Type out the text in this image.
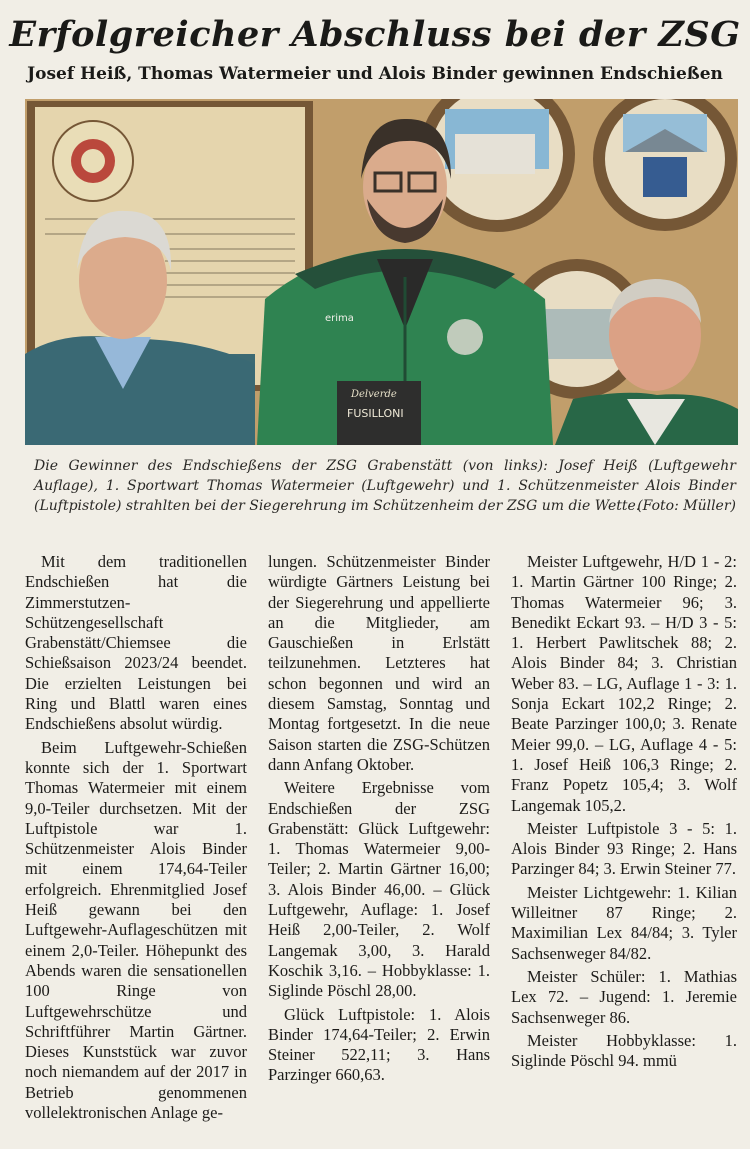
Erfolgreicher Abschluss bei der ZSG
Josef Heiß, Thomas Watermeier und Alois Binder gewinnen Endschießen
erima
Delverde
FUSILLONI
Die Gewinner des Endschießens der ZSG Grabenstätt (von links): Josef Heiß (Luftgewehr Auflage), 1. Sportwart Thomas Watermeier (Luftgewehr) und 1. Schützenmeister Alois Binder (Luftpistole) strahlten bei der Siegerehrung im Schützenheim der ZSG um die Wette.
(Foto: Müller)

Mit dem traditionellen Endschießen hat die Zimmerstutzen-Schützengesellschaft Grabenstätt/Chiemsee die Schießsaison 2023/24 beendet. Die erzielten Leistungen bei Ring und Blattl waren eines Endschießens absolut würdig.

Beim Luftgewehr-Schießen konnte sich der 1. Sportwart Thomas Watermeier mit einem 9,0-Teiler durchsetzen. Mit der Luftpistole war 1. Schützenmeister Alois Binder mit einem 174,64-Teiler erfolgreich. Ehrenmitglied Josef Heiß gewann bei den Luftgewehr-Auflageschützen mit einem 2,0-Teiler. Höhepunkt des Abends waren die sensationellen 100 Ringe von Luftgewehrschütze und Schriftführer Martin Gärtner. Dieses Kunststück war zuvor noch niemandem auf der 2017 in Betrieb genommenen vollelektronischen Anlage ge-

lungen. Schützenmeister Binder würdigte Gärtners Leistung bei der Siegerehrung und appellierte an die Mitglieder, am Gauschießen in Erlstätt teilzunehmen. Letzteres hat schon begonnen und wird an diesem Samstag, Sonntag und Montag fortgesetzt. In die neue Saison starten die ZSG-Schützen dann Anfang Oktober.

Weitere Ergebnisse vom Endschießen der ZSG Grabenstätt: Glück Luftgewehr: 1. Thomas Watermeier 9,00-Teiler; 2. Martin Gärtner 16,00; 3. Alois Binder 46,00. – Glück Luftgewehr, Auflage: 1. Josef Heiß 2,00-Teiler, 2. Wolf Langemak 3,00, 3. Harald Koschik 3,16. – Hobbyklasse: 1. Siglinde Pöschl 28,00.

Glück Luftpistole: 1. Alois Binder 174,64-Teiler; 2. Erwin Steiner 522,11; 3. Hans Parzinger 660,63.

Meister Luftgewehr, H/D 1 - 2: 1. Martin Gärtner 100 Ringe; 2. Thomas Watermeier 96; 3. Benedikt Eckart 93. – H/D 3 - 5: 1. Herbert Pawlitschek 88; 2. Alois Binder 84; 3. Christian Weber 83. – LG, Auflage 1 - 3: 1. Sonja Eckart 102,2 Ringe; 2. Beate Parzinger 100,0; 3. Renate Meier 99,0. – LG, Auflage 4 - 5: 1. Josef Heiß 106,3 Ringe; 2. Franz Popetz 105,4; 3. Wolf Langemak 105,2.

Meister Luftpistole 3 - 5: 1. Alois Binder 93 Ringe; 2. Hans Parzinger 84; 3. Erwin Steiner 77.

Meister Lichtgewehr: 1. Kilian Willeitner 87 Ringe; 2. Maximilian Lex 84/84; 3. Tyler Sachsenweger 84/82.

Meister Schüler: 1. Mathias Lex 72. – Jugend: 1. Jeremie Sachsenweger 86.

Meister Hobbyklasse: 1. Siglinde Pöschl 94. mmü
